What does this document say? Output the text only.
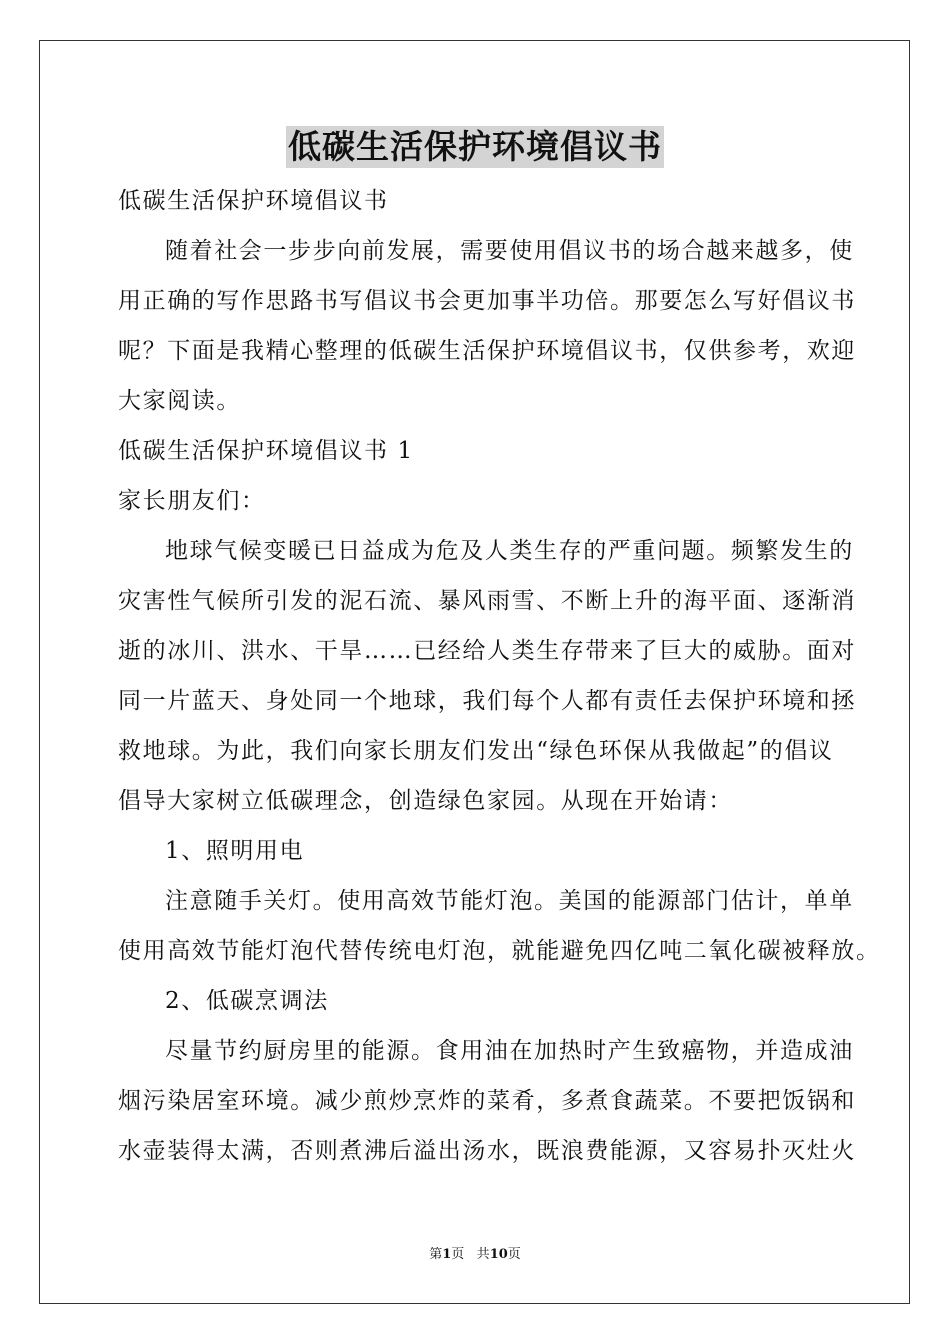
低碳生活保护环境倡议书
低碳生活保护环境倡议书
随着社会一步步向前发展，需要使用倡议书的场合越来越多，使
用正确的写作思路书写倡议书会更加事半功倍。那要怎么写好倡议书
呢？下面是我精心整理的低碳生活保护环境倡议书，仅供参考，欢迎
大家阅读。
低碳生活保护环境倡议书 1
家长朋友们：
地球气候变暖已日益成为危及人类生存的严重问题。频繁发生的
灾害性气候所引发的泥石流、暴风雨雪、不断上升的海平面、逐渐消
逝的冰川、洪水、干旱……已经给人类生存带来了巨大的威胁。面对
同一片蓝天、身处同一个地球，我们每个人都有责任去保护环境和拯
救地球。为此，我们向家长朋友们发出“绿色环保从我做起”的倡议
倡导大家树立低碳理念，创造绿色家园。从现在开始请：
1、照明用电
注意随手关灯。使用高效节能灯泡。美国的能源部门估计，单单
使用高效节能灯泡代替传统电灯泡，就能避免四亿吨二氧化碳被释放。
2、低碳烹调法
尽量节约厨房里的能源。食用油在加热时产生致癌物，并造成油
烟污染居室环境。减少煎炒烹炸的菜肴，多煮食蔬菜。不要把饭锅和
水壶装得太满，否则煮沸后溢出汤水，既浪费能源，又容易扑灭灶火
第1页 共10页
